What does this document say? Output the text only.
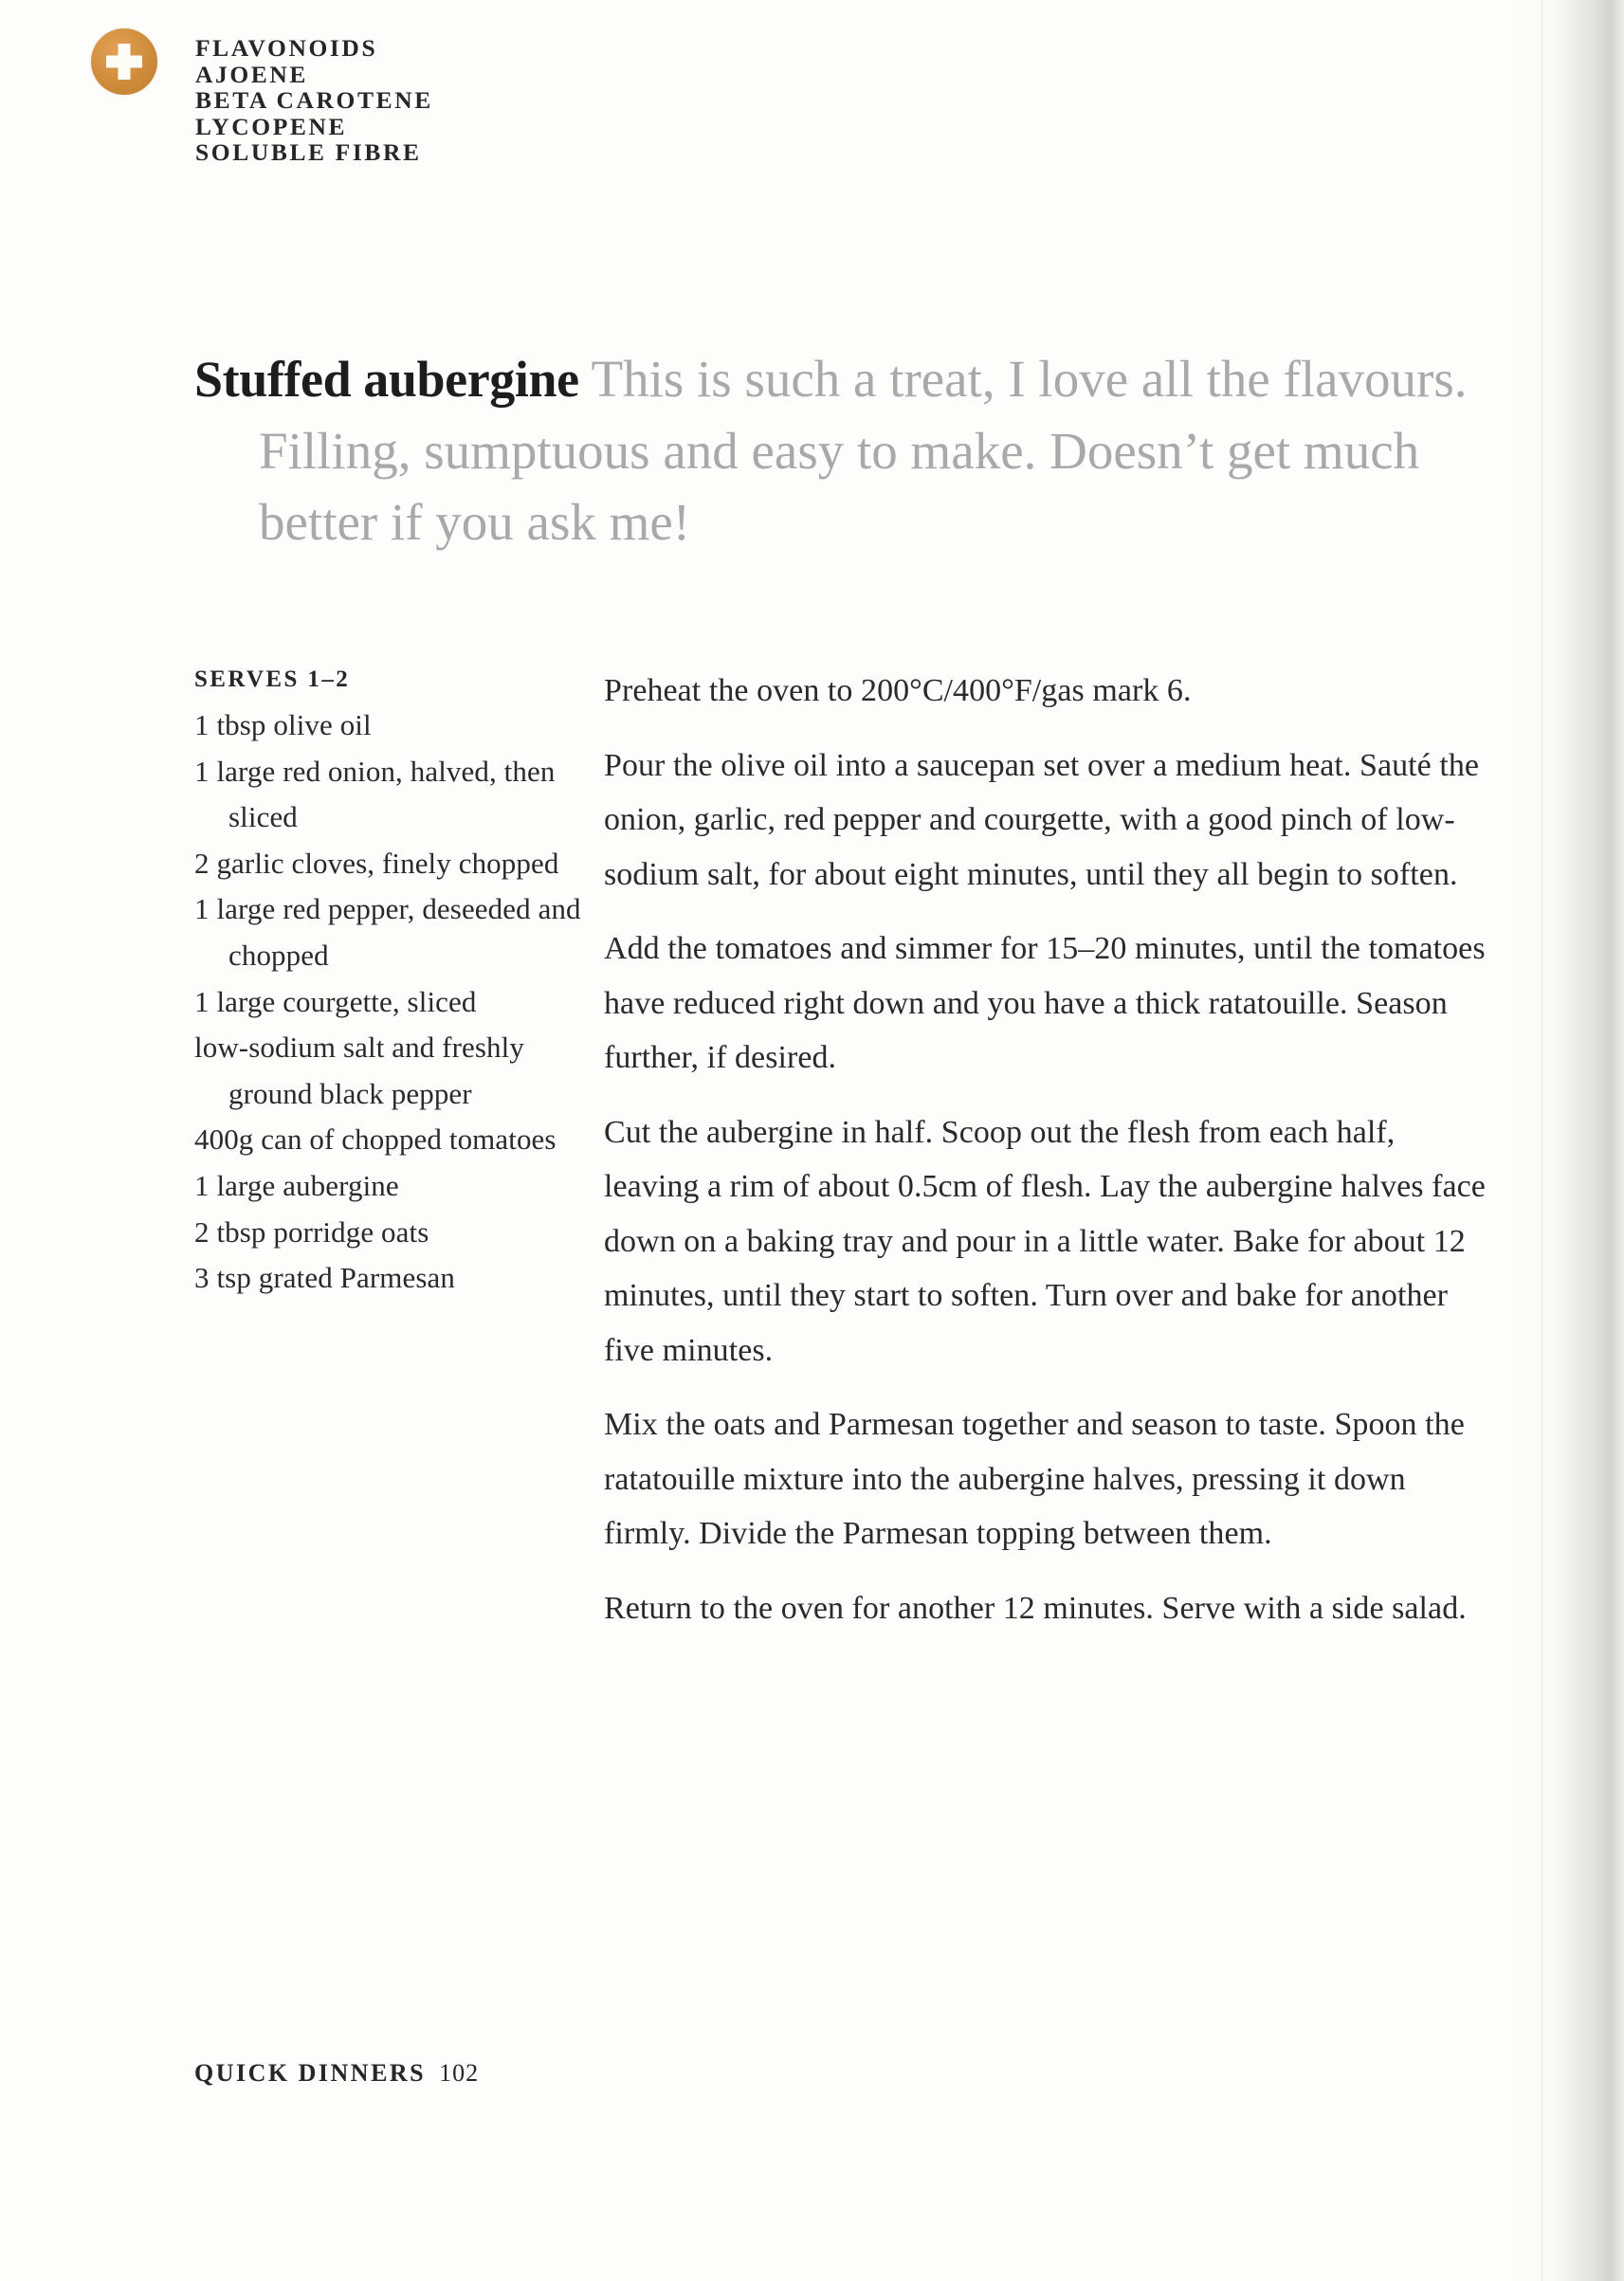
FLAVONOIDS
AJOENE
BETA CAROTENE
LYCOPENE
SOLUBLE FIBRE

Stuffed aubergine This is such a treat, I love all the flavours. Filling, sumptuous and easy to make. Doesn’t get much better if you ask me!

SERVES 1–2
1 tbsp olive oil
1 large red onion, halved, then sliced
2 garlic cloves, finely chopped
1 large red pepper, deseeded and chopped
1 large courgette, sliced
low-sodium salt and freshly ground black pepper
400g can of chopped tomatoes
1 large aubergine
2 tbsp porridge oats
3 tsp grated Parmesan
Preheat the oven to 200°C/400°F/gas mark 6.
Pour the olive oil into a saucepan set over a medium heat. Sauté the onion, garlic, red pepper and courgette, with a good pinch of low-sodium salt, for about eight minutes, until they all begin to soften.
Add the tomatoes and simmer for 15–20 minutes, until the tomatoes have reduced right down and you have a thick ratatouille. Season further, if desired.
Cut the aubergine in half. Scoop out the flesh from each half, leaving a rim of about 0.5cm of flesh. Lay the aubergine halves face down on a baking tray and pour in a little water. Bake for about 12 minutes, until they start to soften. Turn over and bake for another five minutes.
Mix the oats and Parmesan together and season to taste. Spoon the ratatouille mixture into the aubergine halves, pressing it down firmly. Divide the Parmesan topping between them.
Return to the oven for another 12 minutes. Serve with a side salad.
QUICK DINNERS 102
